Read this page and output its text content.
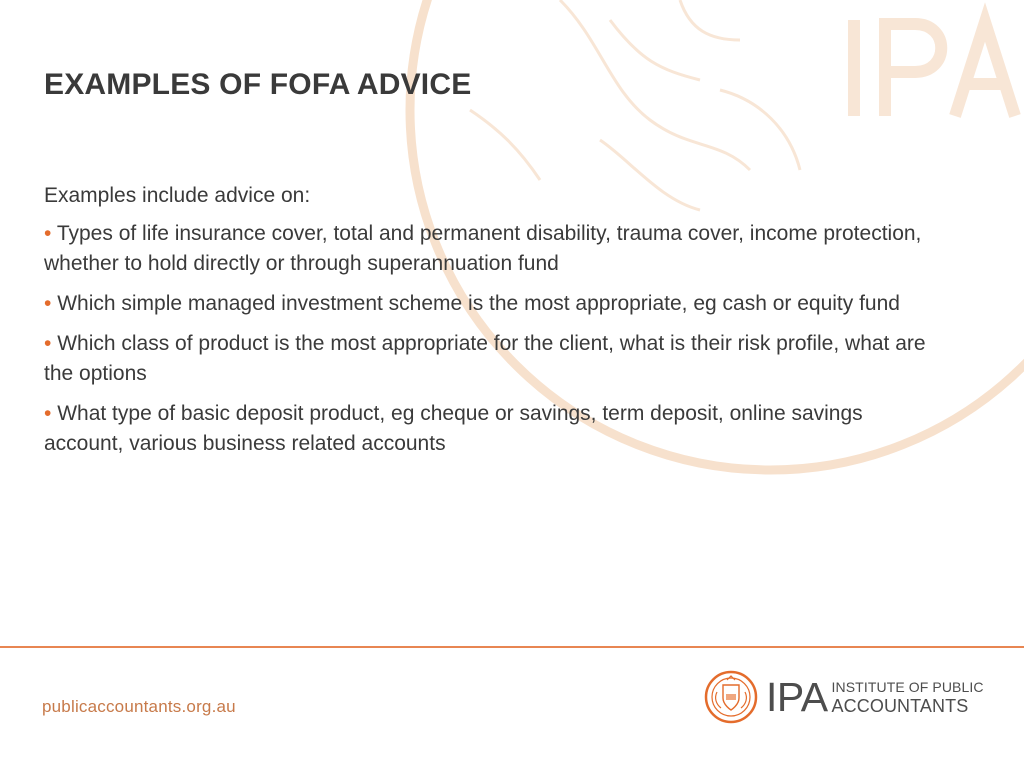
EXAMPLES OF FOFA ADVICE

Examples include advice on:

• Types of life insurance cover, total and permanent disability, trauma cover, income protection, whether to hold directly or through superannuation fund
• Which simple managed investment scheme is the most appropriate, eg cash or equity fund
• Which class of product is the most appropriate for the client, what is their risk profile, what are the options
• What type of basic deposit product, eg cheque or savings, term deposit, online savings account, various business related accounts
publicaccountants.org.au	IPA INSTITUTE OF PUBLIC
ACCOUNTANTS
